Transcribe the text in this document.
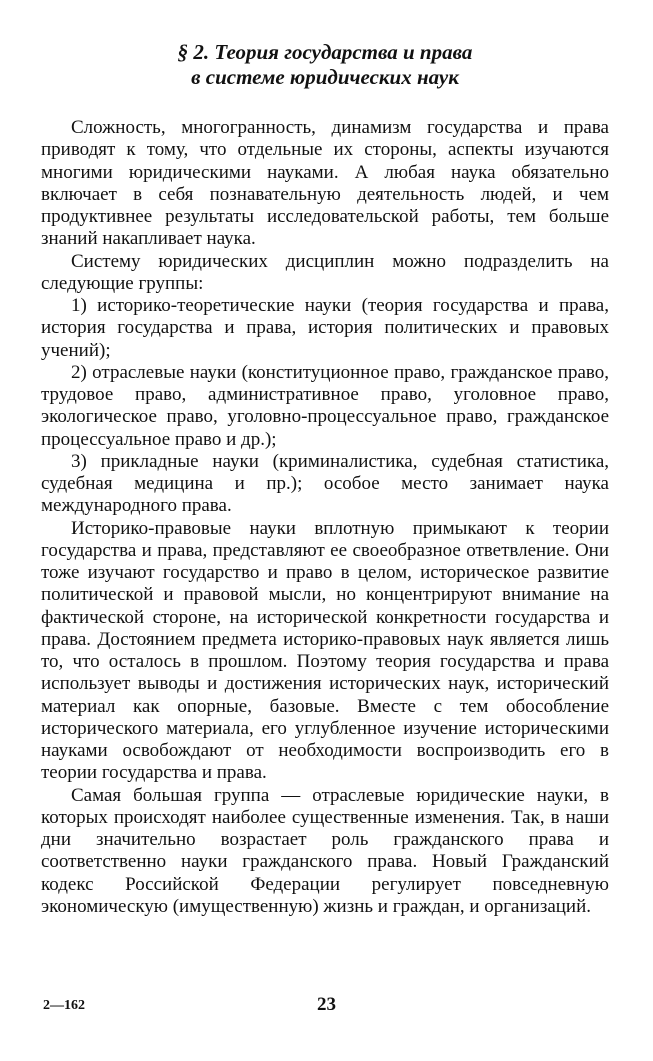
§ 2. Теория государства и права
в системе юридических наук

Сложность, многогранность, динамизм государства и права приводят к тому, что отдельные их стороны, аспекты изучаются многими юридическими науками. А любая наука обязательно включает в себя познавательную деятельность людей, и чем продуктивнее результаты исследовательской работы, тем больше знаний накапливает наука.

Систему юридических дисциплин можно подразделить на следующие группы:

1) историко-теоретические науки (теория государства и права, история государства и права, история политических и правовых учений);

2) отраслевые науки (конституционное право, гражданское право, трудовое право, административное право, уголовное право, экологическое право, уголовно-процессуальное право, гражданское процессуальное право и др.);

3) прикладные науки (криминалистика, судебная статистика, судебная медицина и пр.); особое место занимает наука международного права.

Историко-правовые науки вплотную примыкают к теории государства и права, представляют ее своеобразное ответвление. Они тоже изучают государство и право в целом, историческое развитие политической и правовой мысли, но концентрируют внимание на фактической стороне, на исторической конкретности государства и права. Достоянием предмета историко-правовых наук является лишь то, что осталось в прошлом. Поэтому теория государства и права использует выводы и достижения исторических наук, исторический материал как опорные, базовые. Вместе с тем обособление исторического материала, его углубленное изучение историческими науками освобождают от необходимости воспроизводить его в теории государства и права.

Самая большая группа — отраслевые юридические науки, в которых происходят наиболее существенные изменения. Так, в наши дни значительно возрастает роль гражданского права и соответственно науки гражданского права. Новый Гражданский кодекс Российской Федерации регулирует повседневную экономическую (имущественную) жизнь и граждан, и организаций.

2—162	23
